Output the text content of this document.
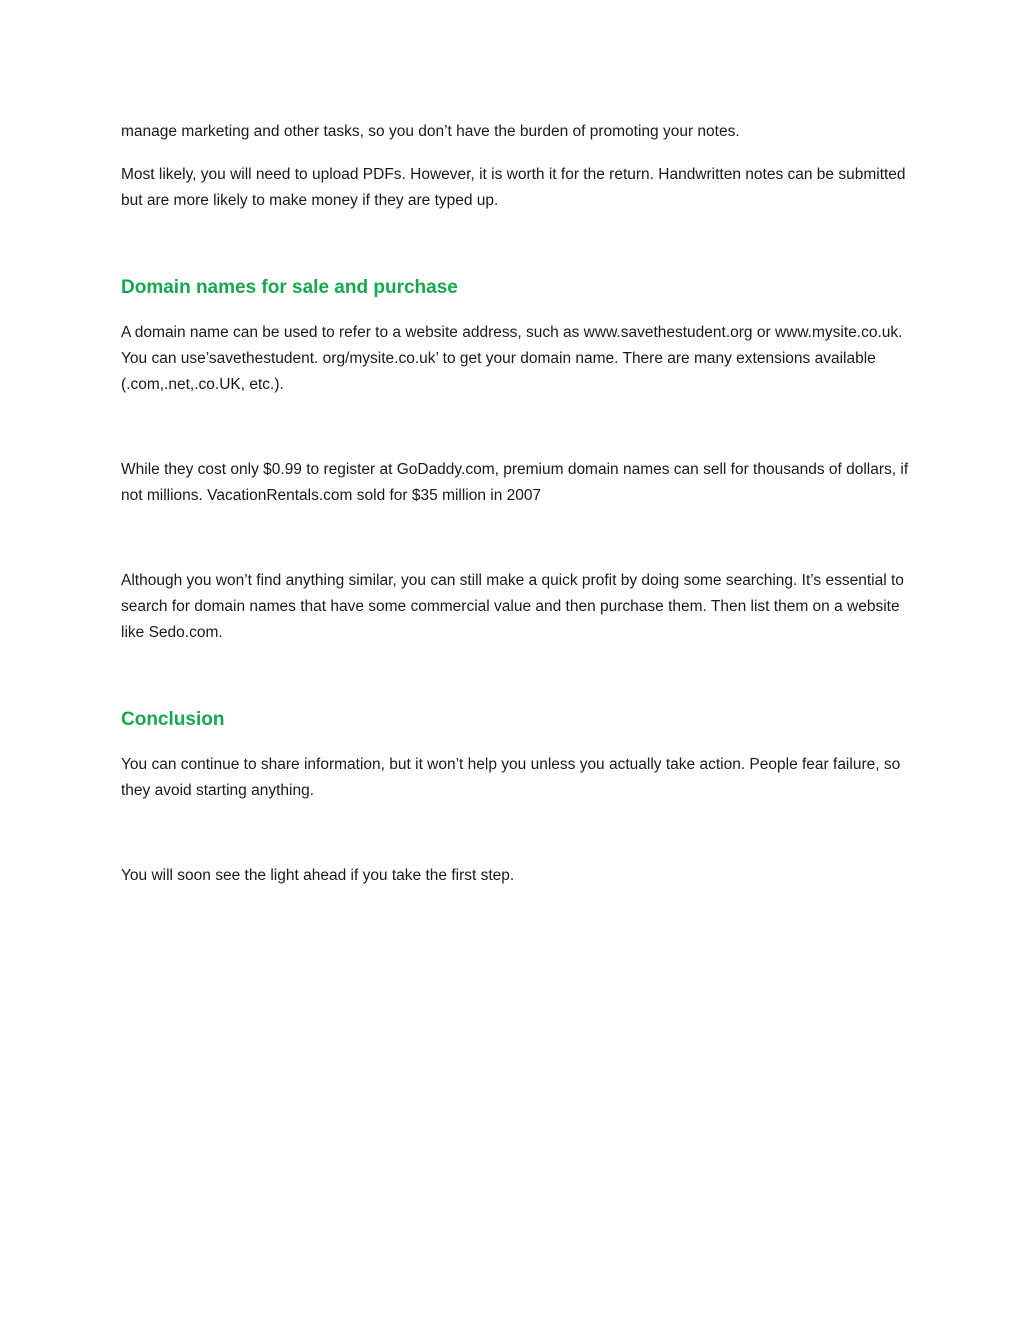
manage marketing and other tasks, so you don’t have the burden of promoting your notes.

Most likely, you will need to upload PDFs. However, it is worth it for the return. Handwritten notes can be submitted but are more likely to make money if they are typed up.

Domain names for sale and purchase

A domain name can be used to refer to a website address, such as www.savethestudent.org or www.mysite.co.uk. You can use’savethestudent. org/mysite.co.uk’ to get your domain name. There are many extensions available (.com,.net,.co.UK, etc.).

While they cost only $0.99 to register at GoDaddy.com, premium domain names can sell for thousands of dollars, if not millions. VacationRentals.com sold for $35 million in 2007

Although you won’t find anything similar, you can still make a quick profit by doing some searching. It’s essential to search for domain names that have some commercial value and then purchase them. Then list them on a website like Sedo.com.

Conclusion

You can continue to share information, but it won’t help you unless you actually take action. People fear failure, so they avoid starting anything.

You will soon see the light ahead if you take the first step.
